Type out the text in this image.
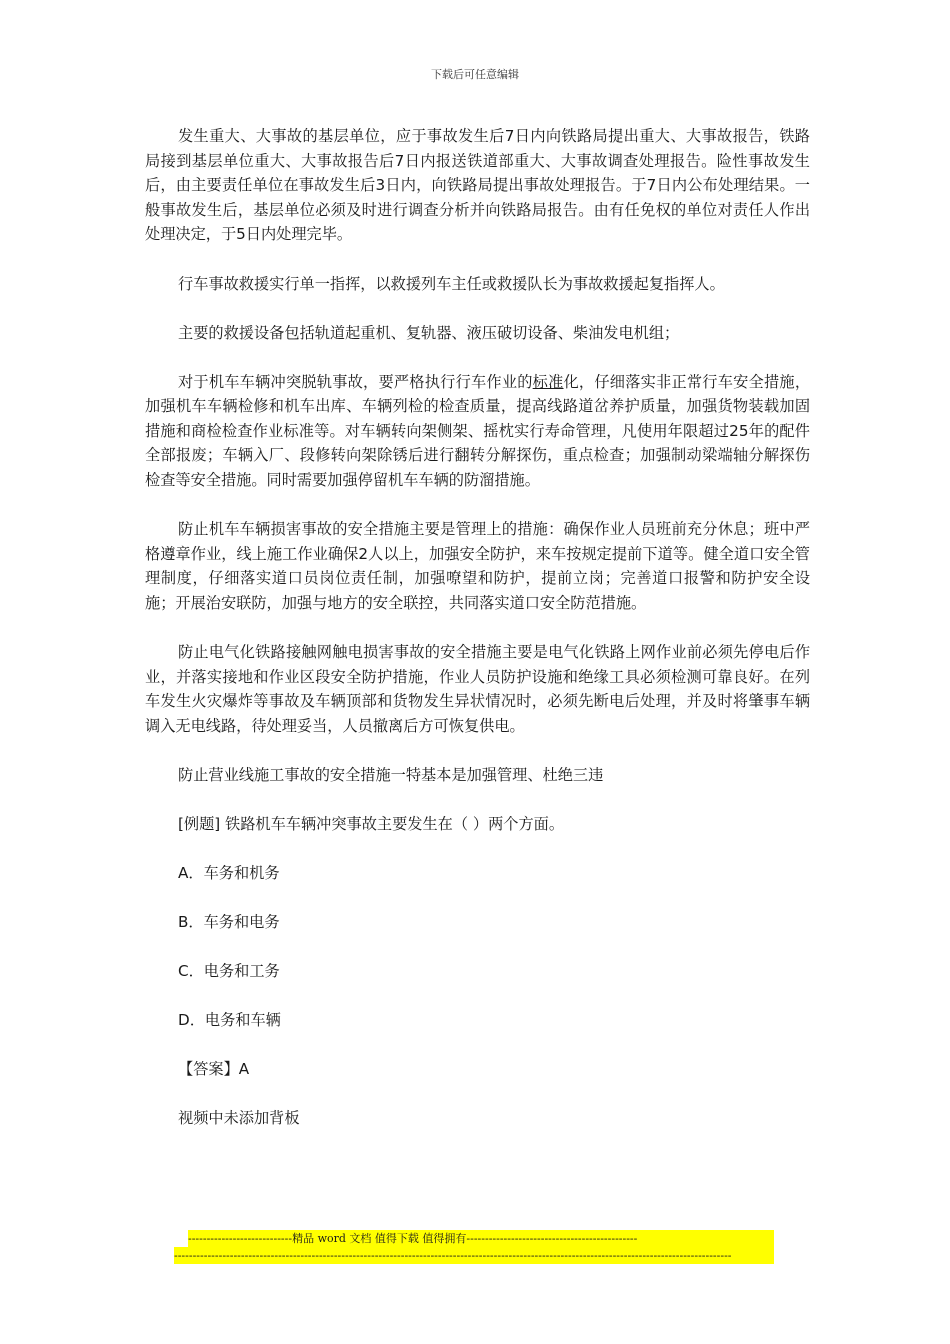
下载后可任意编辑

发生重大、大事故的基层单位，应于事故发生后7日内向铁路局提出重大、大事故报告，铁路局接到基层单位重大、大事故报告后7日内报送铁道部重大、大事故调查处理报告。险性事故发生后，由主要责任单位在事故发生后3日内，向铁路局提出事故处理报告。于7日内公布处理结果。一般事故发生后，基层单位必须及时进行调查分析并向铁路局报告。由有任免权的单位对责任人作出处理决定，于5日内处理完毕。

行车事故救援实行单一指挥，以救援列车主任或救援队长为事故救援起复指挥人。

主要的救援设备包括轨道起重机、复轨器、液压破切设备、柴油发电机组；

对于机车车辆冲突脱轨事故，要严格执行行车作业的标准化，仔细落实非正常行车安全措施，加强机车车辆检修和机车出库、车辆列检的检查质量，提高线路道岔养护质量，加强货物装载加固措施和商检检查作业标准等。对车辆转向架侧架、摇枕实行寿命管理，凡使用年限超过25年的配件全部报废；车辆入厂、段修转向架除锈后进行翻转分解探伤，重点检查；加强制动梁端轴分解探伤检查等安全措施。同时需要加强停留机车车辆的防溜措施。

防止机车车辆损害事故的安全措施主要是管理上的措施：确保作业人员班前充分休息；班中严格遵章作业，线上施工作业确保2人以上，加强安全防护，来车按规定提前下道等。健全道口安全管理制度，仔细落实道口员岗位责任制，加强嘹望和防护，提前立岗；完善道口报警和防护安全设施；开展治安联防，加强与地方的安全联控，共同落实道口安全防范措施。

防止电气化铁路接触网触电损害事故的安全措施主要是电气化铁路上网作业前必须先停电后作业，并落实接地和作业区段安全防护措施，作业人员防护设施和绝缘工具必须检测可靠良好。在列车发生火灾爆炸等事故及车辆顶部和货物发生异状情况时，必须先断电后处理，并及时将肇事车辆调入无电线路，待处理妥当，人员撤离后方可恢复供电。

防止营业线施工事故的安全措施一特基本是加强管理、杜绝三违

[例题] 铁路机车车辆冲突事故主要发生在（ ）两个方面。

A．车务和机务

B．车务和电务

C．电务和工务

D．电务和车辆

【答案】A

视频中未添加背板

----------------------------精品 word 文档 值得下载 值得拥有----------------------------------------------
------------------------------------------------------------------------------------------------------------------------------------------------------
